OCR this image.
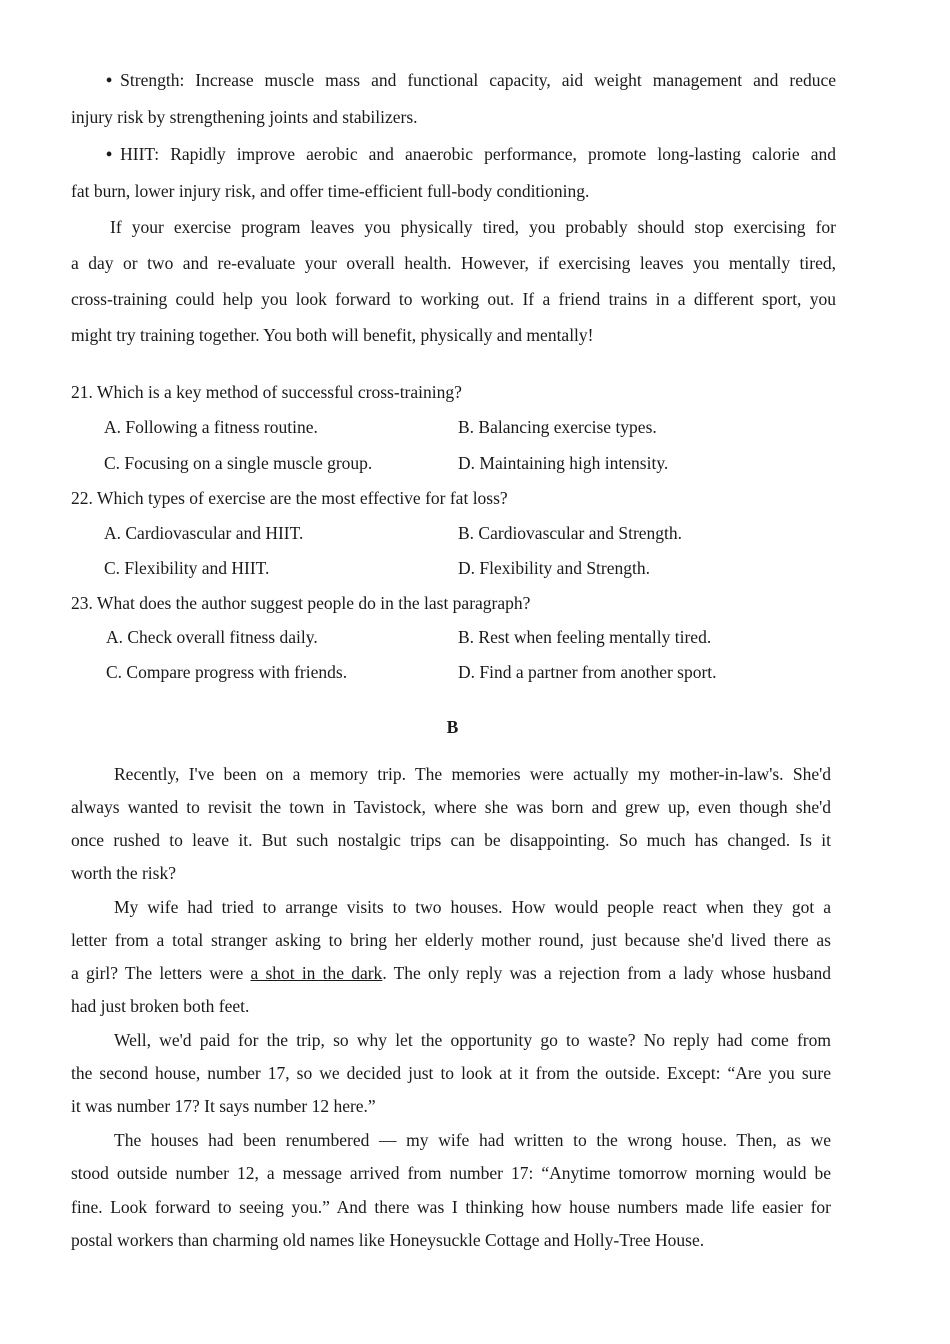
• Strength: Increase muscle mass and functional capacity, aid weight management and reduce
injury risk by strengthening joints and stabilizers.
• HIIT: Rapidly improve aerobic and anaerobic performance, promote long-lasting calorie and
fat burn, lower injury risk, and offer time-efficient full-body conditioning.
If your exercise program leaves you physically tired, you probably should stop exercising for
a day or two and re-evaluate your overall health. However, if exercising leaves you mentally tired,
cross-training could help you look forward to working out. If a friend trains in a different sport, you
might try training together. You both will benefit, physically and mentally!
21. Which is a key method of successful cross-training?
A. Following a fitness routine.	B. Balancing exercise types.
C. Focusing on a single muscle group.	D. Maintaining high intensity.
22. Which types of exercise are the most effective for fat loss?
A. Cardiovascular and HIIT.	B. Cardiovascular and Strength.
C. Flexibility and HIIT.	D. Flexibility and Strength.
23. What does the author suggest people do in the last paragraph?
A. Check overall fitness daily.	B. Rest when feeling mentally tired.
C. Compare progress with friends.	D. Find a partner from another sport.
B
Recently, I've been on a memory trip. The memories were actually my mother-in-law's. She'd
always wanted to revisit the town in Tavistock, where she was born and grew up, even though she'd
once rushed to leave it. But such nostalgic trips can be disappointing. So much has changed. Is it
worth the risk?
My wife had tried to arrange visits to two houses. How would people react when they got a
letter from a total stranger asking to bring her elderly mother round, just because she'd lived there as
a girl? The letters were a shot in the dark. The only reply was a rejection from a lady whose husband
had just broken both feet.
Well, we'd paid for the trip, so why let the opportunity go to waste? No reply had come from
the second house, number 17, so we decided just to look at it from the outside. Except: “Are you sure
it was number 17? It says number 12 here.”
The houses had been renumbered — my wife had written to the wrong house. Then, as we
stood outside number 12, a message arrived from number 17: “Anytime tomorrow morning would be
fine. Look forward to seeing you.” And there was I thinking how house numbers made life easier for
postal workers than charming old names like Honeysuckle Cottage and Holly-Tree House.
